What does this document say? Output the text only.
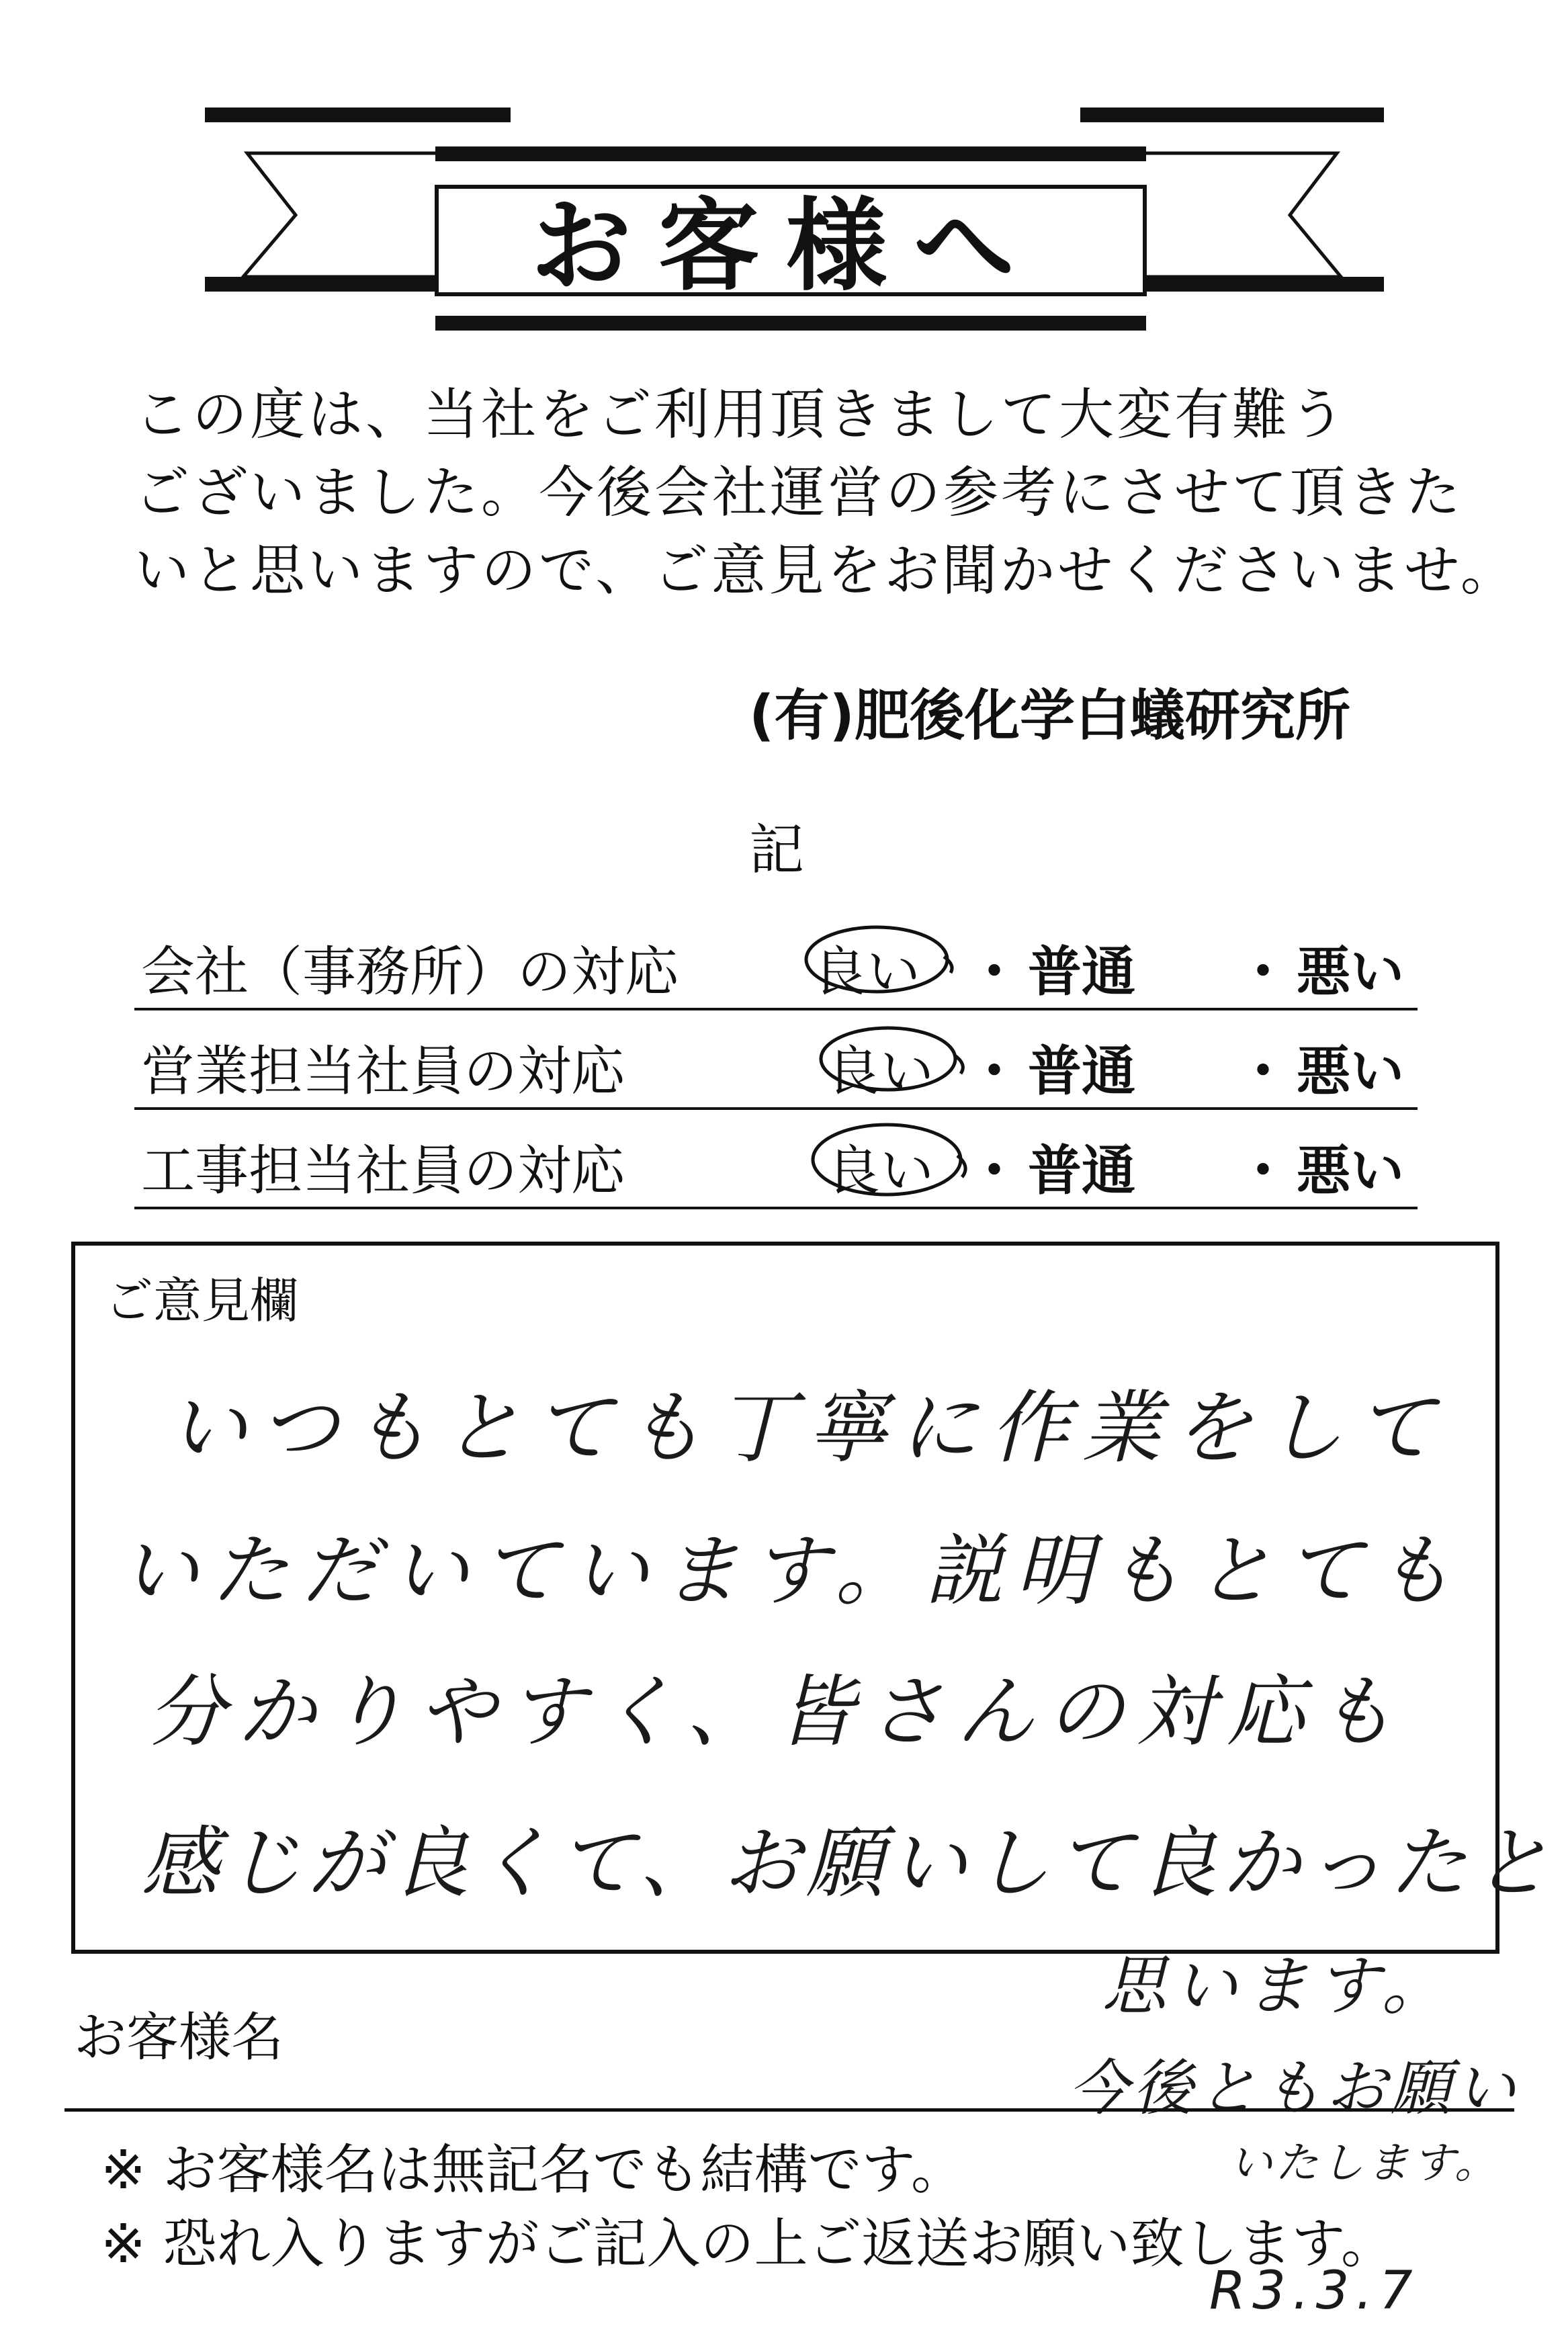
お客様へ
この度は、当社をご利用頂きまして大変有難う
ございました。今後会社運営の参考にさせて頂きた
いと思いますので、ご意見をお聞かせくださいませ。
(有)肥後化学白蟻研究所
記
会社（事務所）の対応	良い ・ 普通 ・ 悪い
営業担当社員の対応	良い ・ 普通 ・ 悪い
工事担当社員の対応	良い ・ 普通 ・ 悪い
ご意見欄
いつもとても丁寧に作業をして
いただいています。説明もとても
分かりやすく、皆さんの対応も
感じが良くて、お願いして良かったと
思います。
今後ともお願い
いたします。
お客様名
※ お客様名は無記名でも結構です。
※ 恐れ入りますがご記入の上ご返送お願い致します。
R3.3.7
